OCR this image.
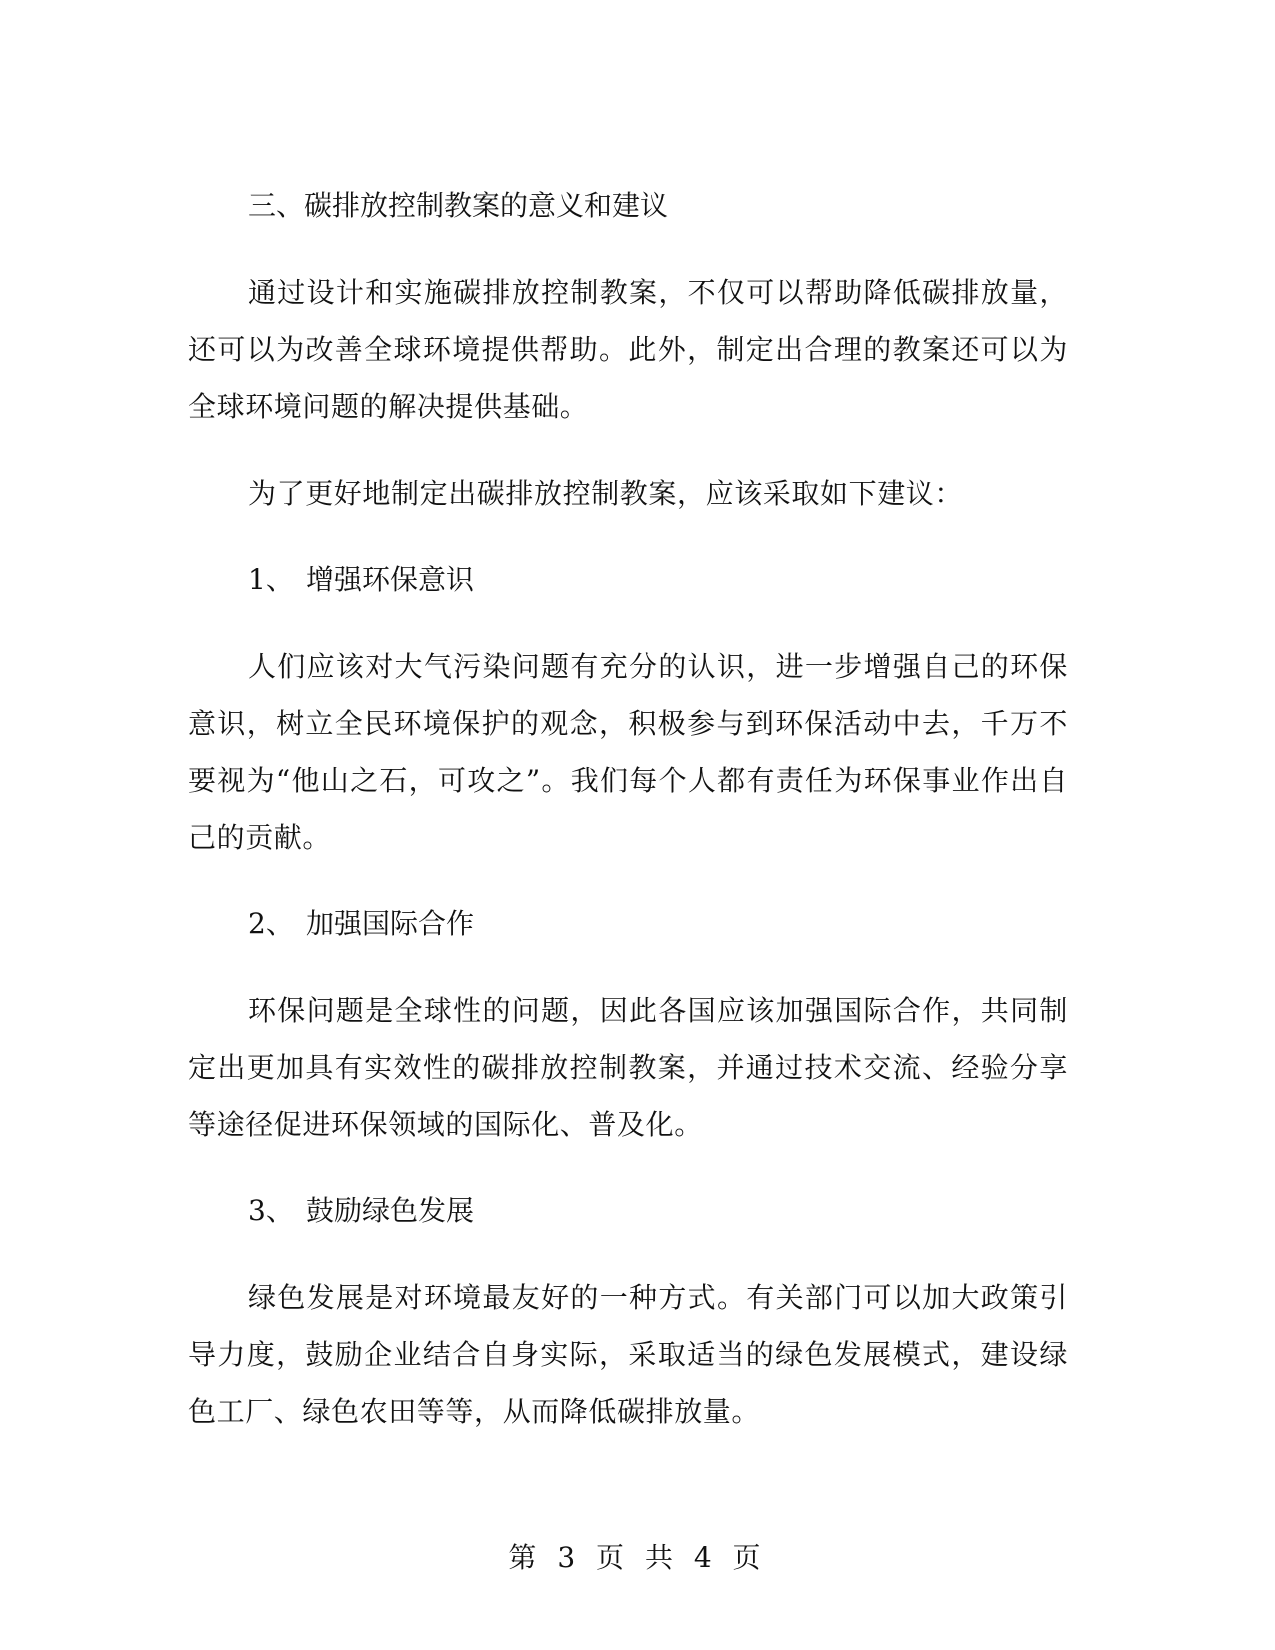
三、碳排放控制教案的意义和建议

通过设计和实施碳排放控制教案，不仅可以帮助降低碳排放量，还可以为改善全球环境提供帮助。此外，制定出合理的教案还可以为全球环境问题的解决提供基础。

为了更好地制定出碳排放控制教案，应该采取如下建议：

1、 增强环保意识

人们应该对大气污染问题有充分的认识，进一步增强自己的环保意识，树立全民环境保护的观念，积极参与到环保活动中去，千万不要视为“他山之石，可攻之”。我们每个人都有责任为环保事业作出自己的贡献。

2、 加强国际合作

环保问题是全球性的问题，因此各国应该加强国际合作，共同制定出更加具有实效性的碳排放控制教案，并通过技术交流、经验分享等途径促进环保领域的国际化、普及化。

3、 鼓励绿色发展

绿色发展是对环境最友好的一种方式。有关部门可以加大政策引导力度，鼓励企业结合自身实际，采取适当的绿色发展模式，建设绿色工厂、绿色农田等等，从而降低碳排放量。

第 3 页 共 4 页
